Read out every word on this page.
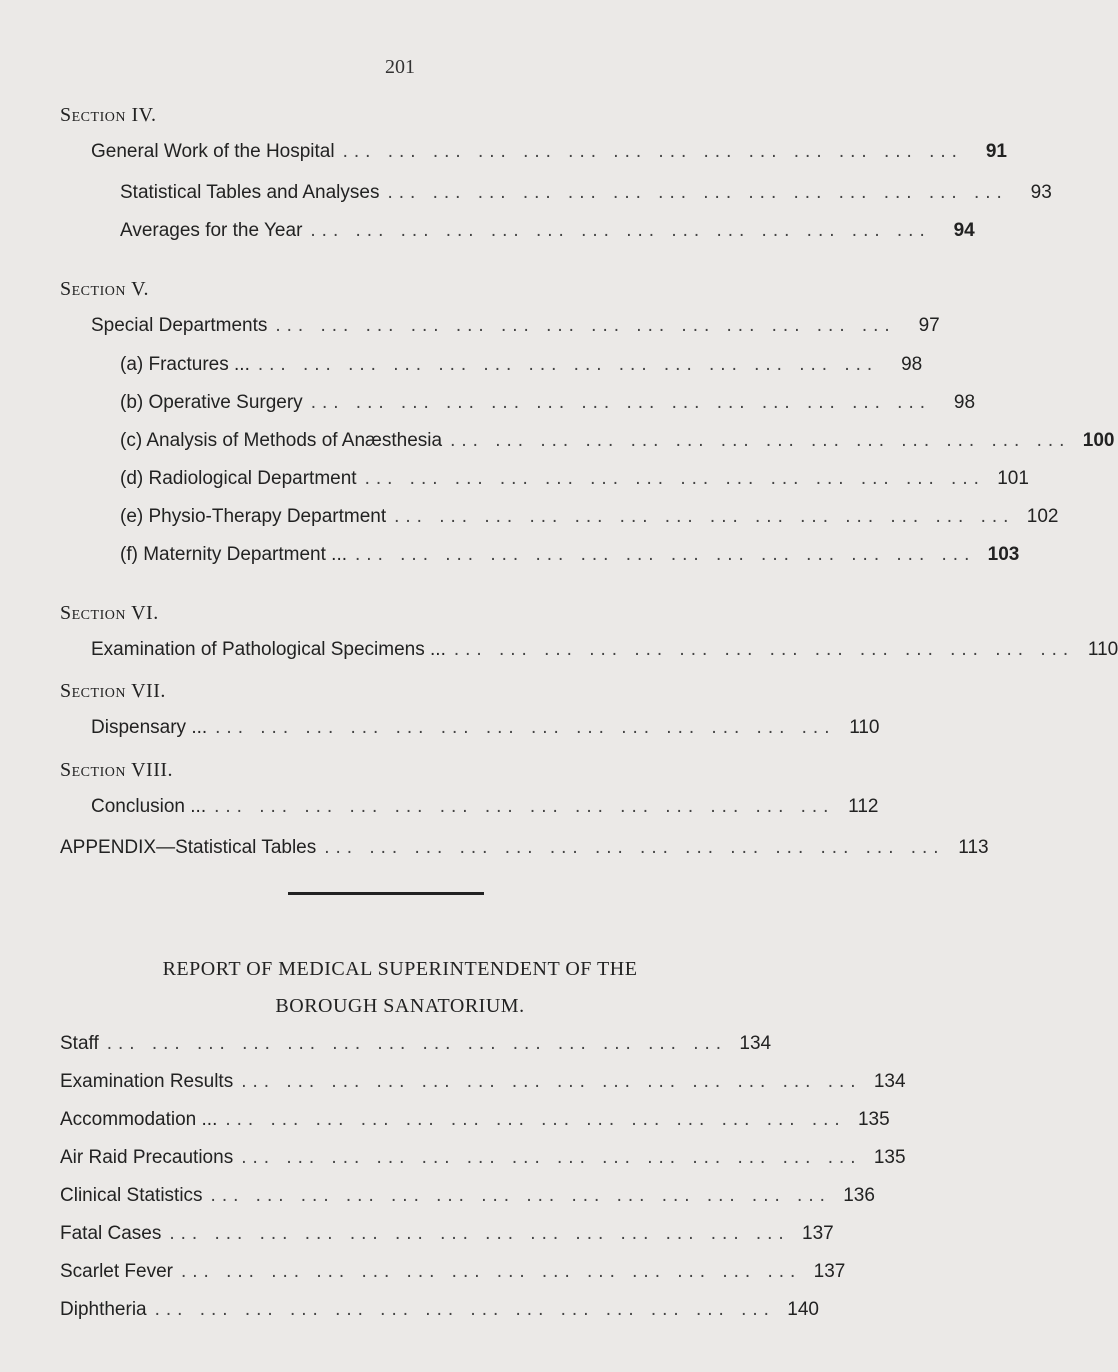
201
Section IV.
General Work of the Hospital ... ... ... ... ... ... ... ... ... ... ... ... ... ...	91
Statistical Tables and Analyses ... ... ... ... ... ... ... ... ... ... ... ... ... ...	93
Averages for the Year ... ... ... ... ... ... ... ... ... ... ... ... ... ...	94
Section V.
Special Departments ... ... ... ... ... ... ... ... ... ... ... ... ... ...	97
(a) Fractures ... ... ... ... ... ... ... ... ... ... ... ... ... ... ...	98
(b) Operative Surgery ... ... ... ... ... ... ... ... ... ... ... ... ... ...	98
(c) Analysis of Methods of Anæsthesia ... ... ... ... ... ... ... ... ... ... ... ... ... ... 100
(d) Radiological Department ... ... ... ... ... ... ... ... ... ... ... ... ... ... 101
(e) Physio-Therapy Department ... ... ... ... ... ... ... ... ... ... ... ... ... ... 102
(f) Maternity Department ... ... ... ... ... ... ... ... ... ... ... ... ... ... ... 103
Section VI.
Examination of Pathological Specimens ... ... ... ... ... ... ... ... ... ... ... ... ... ... ... 110
Section VII.
Dispensary ... ... ... ... ... ... ... ... ... ... ... ... ... ... ... 110
Section VIII.
Conclusion ... ... ... ... ... ... ... ... ... ... ... ... ... ... ... 112
APPENDIX—Statistical Tables ... ... ... ... ... ... ... ... ... ... ... ... ... ... 113
REPORT OF MEDICAL SUPERINTENDENT OF THE
BOROUGH SANATORIUM.
Staff ... ... ... ... ... ... ... ... ... ... ... ... ... ... 134
Examination Results ... ... ... ... ... ... ... ... ... ... ... ... ... ... 134
Accommodation ... ... ... ... ... ... ... ... ... ... ... ... ... ... ... 135
Air Raid Precautions ... ... ... ... ... ... ... ... ... ... ... ... ... ... 135
Clinical Statistics ... ... ... ... ... ... ... ... ... ... ... ... ... ... 136
Fatal Cases ... ... ... ... ... ... ... ... ... ... ... ... ... ... 137
Scarlet Fever ... ... ... ... ... ... ... ... ... ... ... ... ... ... 137
Diphtheria ... ... ... ... ... ... ... ... ... ... ... ... ... ... 140
